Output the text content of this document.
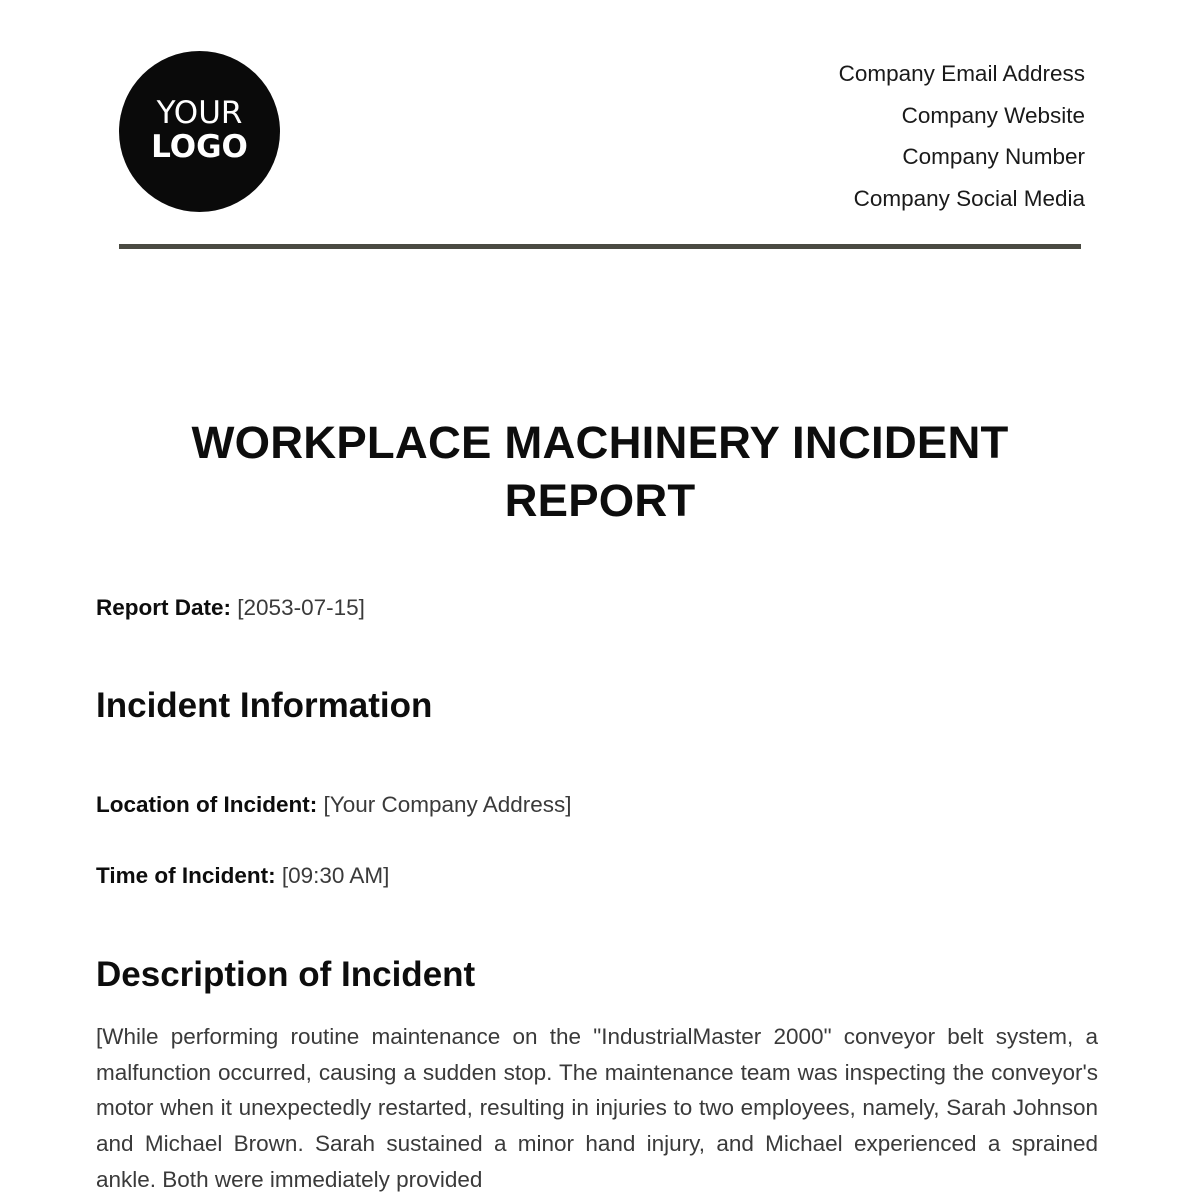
YOUR
LOGO
Company Email Address
Company Website
Company Number
Company Social Media
WORKPLACE MACHINERY INCIDENT REPORT
Report Date: [2053-07-15]
Incident Information
Location of Incident: [Your Company Address]
Time of Incident: [09:30 AM]
Description of Incident
[While performing routine maintenance on the "IndustrialMaster 2000" conveyor belt system, a malfunction occurred, causing a sudden stop. The maintenance team was inspecting the conveyor's motor when it unexpectedly restarted, resulting in injuries to two employees, namely, Sarah Johnson and Michael Brown. Sarah sustained a minor hand injury, and Michael experienced a sprained ankle. Both were immediately provided
